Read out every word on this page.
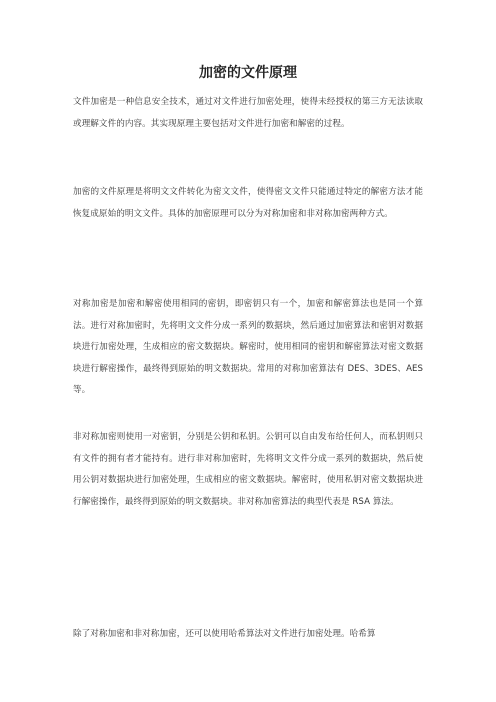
加密的文件原理

文件加密是一种信息安全技术，通过对文件进行加密处理，使得未经授权的第三方无法读取或理解文件的内容。其实现原理主要包括对文件进行加密和解密的过程。

加密的文件原理是将明文文件转化为密文文件，使得密文文件只能通过特定的解密方法才能恢复成原始的明文文件。具体的加密原理可以分为对称加密和非对称加密两种方式。

对称加密是加密和解密使用相同的密钥，即密钥只有一个，加密和解密算法也是同一个算法。进行对称加密时，先将明文文件分成一系列的数据块，然后通过加密算法和密钥对数据块进行加密处理，生成相应的密文数据块。解密时，使用相同的密钥和解密算法对密文数据块进行解密操作，最终得到原始的明文数据块。常用的对称加密算法有 DES、3DES、AES 等。

非对称加密则使用一对密钥，分别是公钥和私钥。公钥可以自由发布给任何人，而私钥则只有文件的拥有者才能持有。进行非对称加密时，先将明文文件分成一系列的数据块，然后使用公钥对数据块进行加密处理，生成相应的密文数据块。解密时，使用私钥对密文数据块进行解密操作，最终得到原始的明文数据块。非对称加密算法的典型代表是 RSA 算法。

除了对称加密和非对称加密，还可以使用哈希算法对文件进行加密处理。哈希算
